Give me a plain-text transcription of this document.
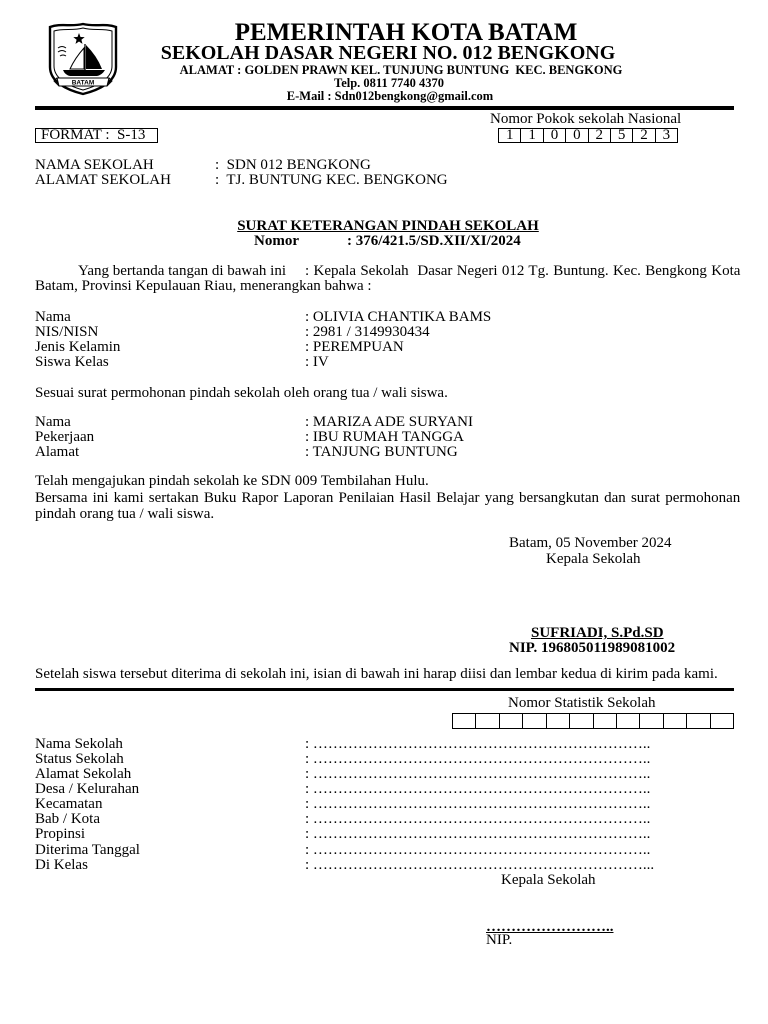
BATAM
PEMERINTAH KOTA BATAM
SEKOLAH DASAR NEGERI NO. 012 BENGKONG
ALAMAT : GOLDEN PRAWN KEL. TUNJUNG BUNTUNG  KEC. BENGKONG
Telp. 0811 7740 4370
E-Mail : Sdn012bengkong@gmail.com
Nomor Pokok sekolah Nasional
FORMAT :  S-13	1 1 0 0 2 5 2 3
NAMA SEKOLAH	:  SDN 012 BENGKONG
ALAMAT SEKOLAH	:  TJ. BUNTUNG KEC. BENGKONG
SURAT KETERANGAN PINDAH SEKOLAH
Nomor	: 376/421.5/SD.XII/XI/2024
Yang bertanda tangan di bawah ini : Kepala Sekolah  Dasar Negeri 012 Tg. Buntung. Kec. Bengkong Kota
Batam, Provinsi Kepulauan Riau, menerangkan bahwa :
Nama	: OLIVIA CHANTIKA BAMS
NIS/NISN	: 2981 / 3149930434
Jenis Kelamin	: PEREMPUAN
Siswa Kelas	: IV
Sesuai surat permohonan pindah sekolah oleh orang tua / wali siswa.
Nama	: MARIZA ADE SURYANI
Pekerjaan	: IBU RUMAH TANGGA
Alamat	: TANJUNG BUNTUNG
Telah mengajukan pindah sekolah ke SDN 009 Tembilahan Hulu.
Bersama ini kami sertakan Buku Rapor Laporan Penilaian Hasil Belajar yang bersangkutan dan surat permohonan
pindah orang tua / wali siswa.
Batam, 05 November 2024
Kepala Sekolah
SUFRIADI, S.Pd.SD
NIP. 196805011989081002
Setelah siswa tersebut diterima di sekolah ini, isian di bawah ini harap diisi dan lembar kedua di kirim pada kami.
Nomor Statistik Sekolah
Nama Sekolah	: …………………………………………………………..
Status Sekolah	: …………………………………………………………..
Alamat Sekolah	: …………………………………………………………..
Desa / Kelurahan	: …………………………………………………………..
Kecamatan	: …………………………………………………………..
Bab / Kota	: …………………………………………………………..
Propinsi	: …………………………………………………………..
Diterima Tanggal	: …………………………………………………………..
Di Kelas	: …………………………………………………………...
Kepala Sekolah
……………………..
NIP.
